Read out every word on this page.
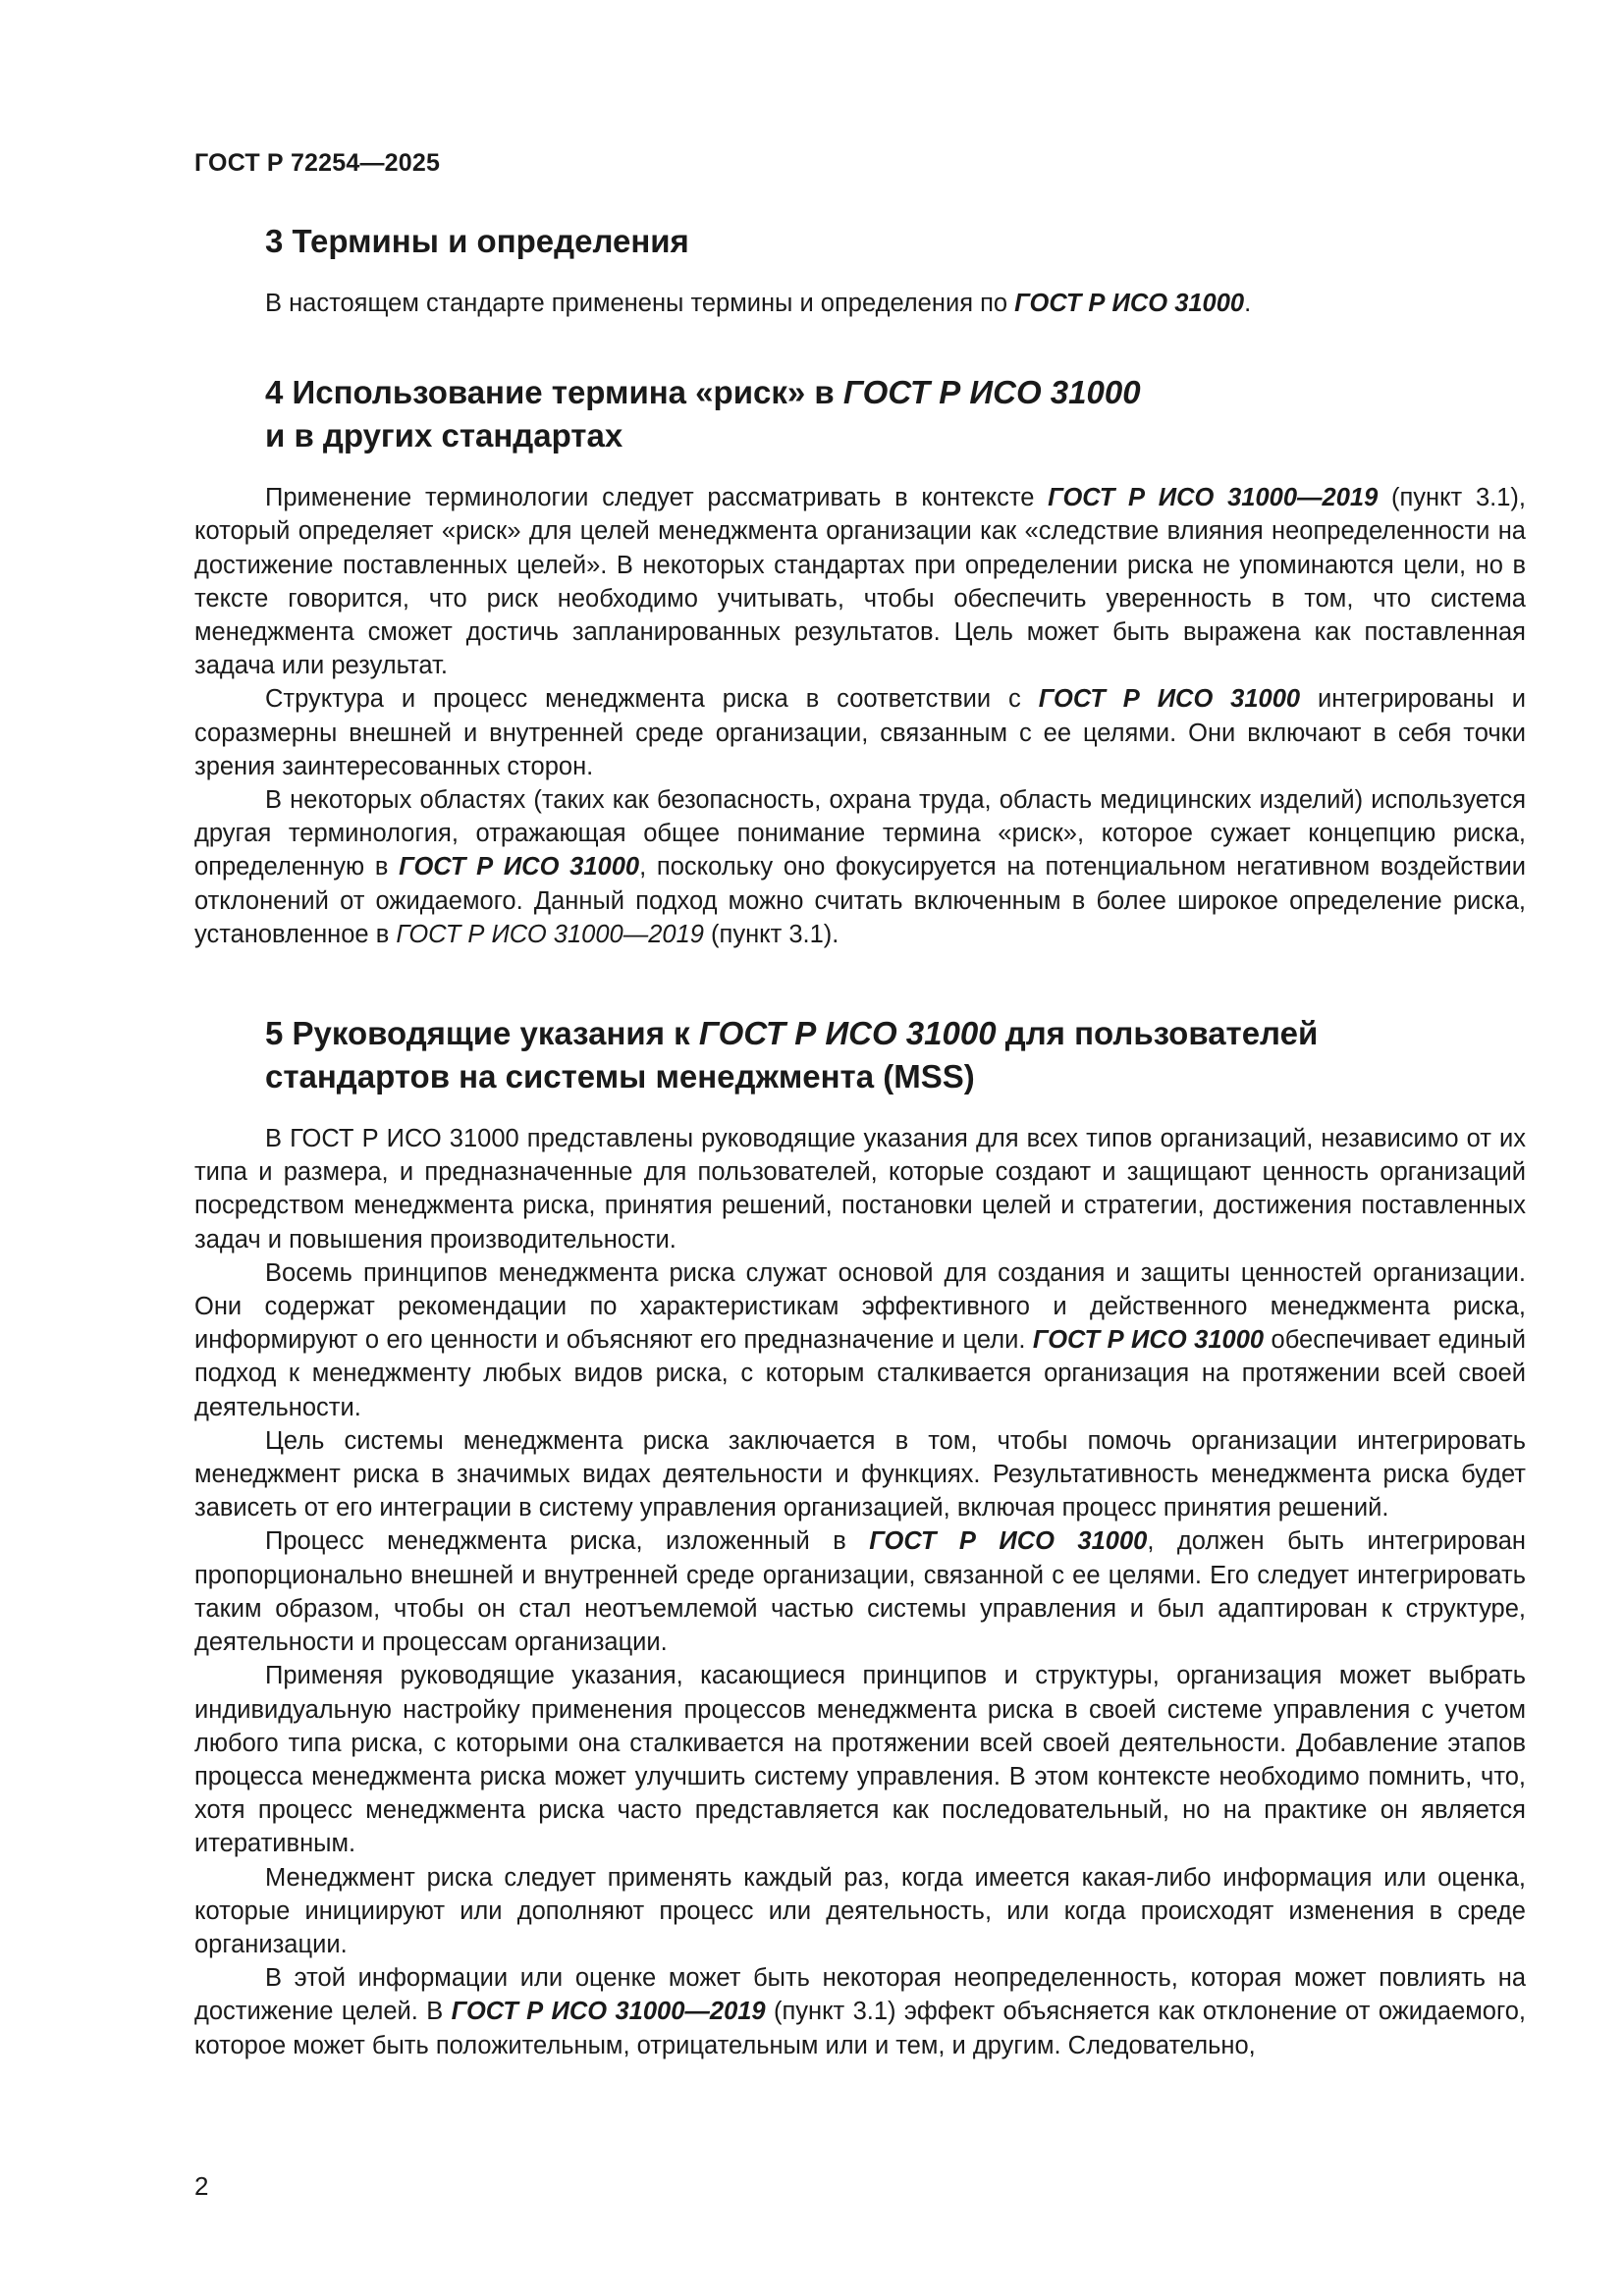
ГОСТ Р 72254—2025
3 Термины и определения

В настоящем стандарте применены термины и определения по ГОСТ Р ИСО 31000.

4 Использование термина «риск» в ГОСТ Р ИСО 31000
и в других стандартах

Применение терминологии следует рассматривать в контексте ГОСТ Р ИСО 31000—2019 (пункт 3.1), который определяет «риск» для целей менеджмента организации как «следствие влияния неопределенности на достижение поставленных целей». В некоторых стандартах при определении риска не упоминаются цели, но в тексте говорится, что риск необходимо учитывать, чтобы обеспечить уверенность в том, что система менеджмента сможет достичь запланированных результатов. Цель может быть выражена как поставленная задача или результат.

Структура и процесс менеджмента риска в соответствии с ГОСТ Р ИСО 31000 интегрированы и соразмерны внешней и внутренней среде организации, связанным с ее целями. Они включают в себя точки зрения заинтересованных сторон.

В некоторых областях (таких как безопасность, охрана труда, область медицинских изделий) используется другая терминология, отражающая общее понимание термина «риск», которое сужает концепцию риска, определенную в ГОСТ Р ИСО 31000, поскольку оно фокусируется на потенциальном негативном воздействии отклонений от ожидаемого. Данный подход можно считать включенным в более широкое определение риска, установленное в ГОСТ Р ИСО 31000—2019 (пункт 3.1).

5 Руководящие указания к ГОСТ Р ИСО 31000 для пользователей
стандартов на системы менеджмента (MSS)

В ГОСТ Р ИСО 31000 представлены руководящие указания для всех типов организаций, независимо от их типа и размера, и предназначенные для пользователей, которые создают и защищают ценность организаций посредством менеджмента риска, принятия решений, постановки целей и стратегии, достижения поставленных задач и повышения производительности.

Восемь принципов менеджмента риска служат основой для создания и защиты ценностей организации. Они содержат рекомендации по характеристикам эффективного и действенного менеджмента риска, информируют о его ценности и объясняют его предназначение и цели. ГОСТ Р ИСО 31000 обеспечивает единый подход к менеджменту любых видов риска, с которым сталкивается организация на протяжении всей своей деятельности.

Цель системы менеджмента риска заключается в том, чтобы помочь организации интегрировать менеджмент риска в значимых видах деятельности и функциях. Результативность менеджмента риска будет зависеть от его интеграции в систему управления организацией, включая процесс принятия решений.

Процесс менеджмента риска, изложенный в ГОСТ Р ИСО 31000, должен быть интегрирован пропорционально внешней и внутренней среде организации, связанной с ее целями. Его следует интегрировать таким образом, чтобы он стал неотъемлемой частью системы управления и был адаптирован к структуре, деятельности и процессам организации.

Применяя руководящие указания, касающиеся принципов и структуры, организация может выбрать индивидуальную настройку применения процессов менеджмента риска в своей системе управления с учетом любого типа риска, с которыми она сталкивается на протяжении всей своей деятельности. Добавление этапов процесса менеджмента риска может улучшить систему управления. В этом контексте необходимо помнить, что, хотя процесс менеджмента риска часто представляется как последовательный, но на практике он является итеративным.

Менеджмент риска следует применять каждый раз, когда имеется какая-либо информация или оценка, которые инициируют или дополняют процесс или деятельность, или когда происходят изменения в среде организации.

В этой информации или оценке может быть некоторая неопределенность, которая может повлиять на достижение целей. В ГОСТ Р ИСО 31000—2019 (пункт 3.1) эффект объясняется как отклонение от ожидаемого, которое может быть положительным, отрицательным или и тем, и другим. Следовательно,

2
